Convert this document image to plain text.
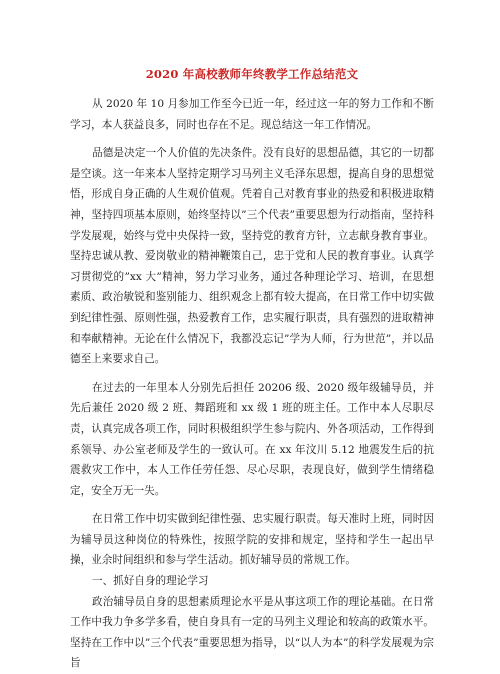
2020 年高校教师年终教学工作总结范文

从 2020 年 10 月参加工作至今已近一年，经过这一年的努力工作和不断学习，本人获益良多，同时也存在不足。现总结这一年工作情况。

品德是决定一个人价值的先决条件。没有良好的思想品德，其它的一切都是空谈。这一年来本人坚持定期学习马列主义毛泽东思想，提高自身的思想觉悟，形成自身正确的人生观价值观。凭着自己对教育事业的热爱和积极进取精神，坚持四项基本原则，始终坚持以”三个代表”重要思想为行动指南，坚持科学发展观，始终与党中央保持一致，坚持党的教育方针，立志献身教育事业。坚持忠诚从教、爱岗敬业的精神鞭策自己，忠于党和人民的教育事业。认真学习贯彻党的”xx 大”精神，努力学习业务，通过各种理论学习、培训，在思想素质、政治敏锐和鉴别能力、组织观念上都有较大提高，在日常工作中切实做到纪律性强、原则性强，热爱教育工作，忠实履行职责，具有强烈的进取精神和奉献精神。无论在什么情况下，我都没忘记”学为人师，行为世范”，并以品德至上来要求自己。

在过去的一年里本人分别先后担任 20206 级、2020 级年级辅导员，并先后兼任 2020 级 2 班、舞蹈班和 xx 级 1 班的班主任。工作中本人尽职尽责，认真完成各项工作，同时积极组织学生参与院内、外各项活动，工作得到系领导、办公室老师及学生的一致认可。在 xx 年汶川 5.12 地震发生后的抗震救灾工作中，本人工作任劳任怨、尽心尽职，表现良好，做到学生情绪稳定，安全万无一失。

在日常工作中切实做到纪律性强、忠实履行职责。每天准时上班，同时因为辅导员这种岗位的特殊性，按照学院的安排和规定，坚持和学生一起出早操，业余时间组织和参与学生活动。抓好辅导员的常规工作。

一、抓好自身的理论学习

政治辅导员自身的思想素质理论水平是从事这项工作的理论基础。在日常工作中我力争多学多看，使自身具有一定的马列主义理论和较高的政策水平。坚持在工作中以”三个代表”重要思想为指导，以“以人为本”的科学发展观为宗旨
